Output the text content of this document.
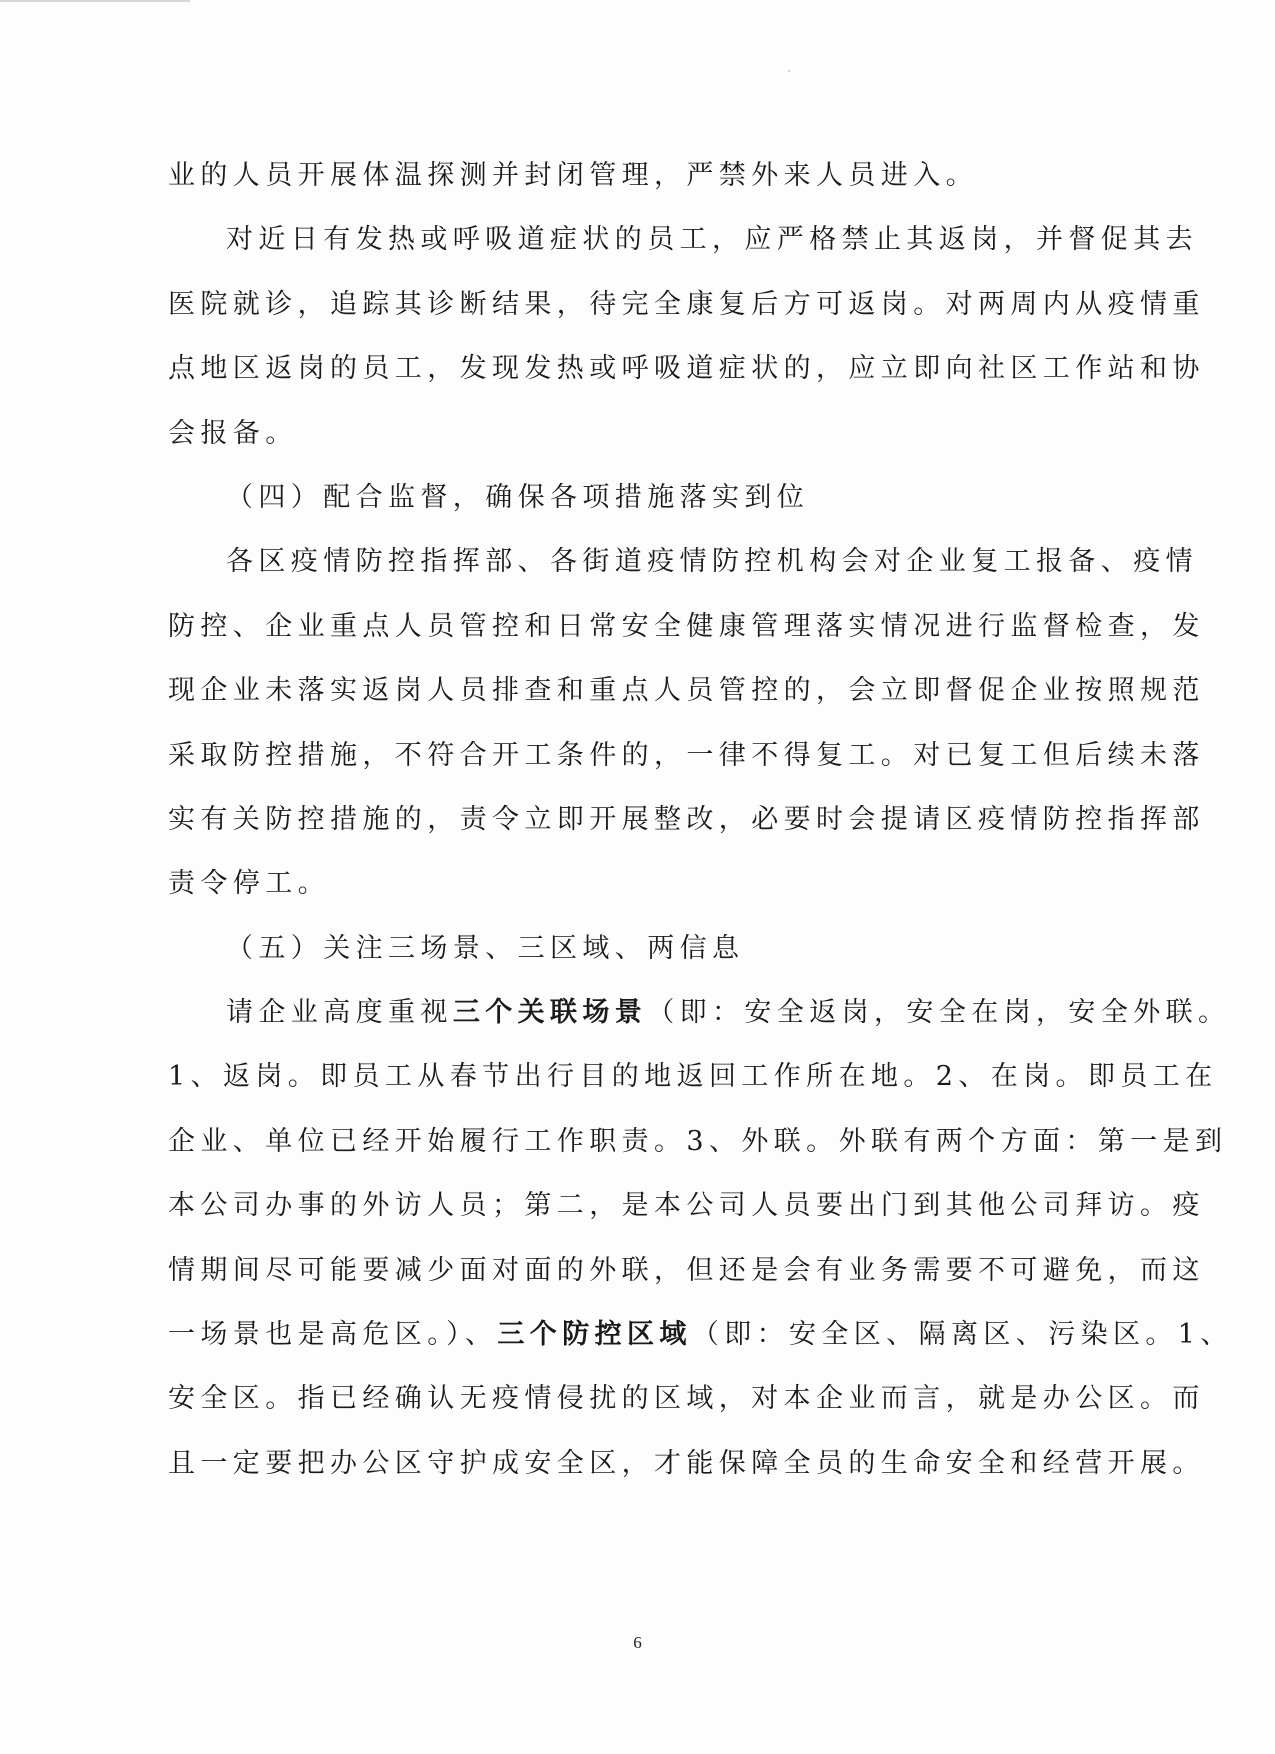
业的人员开展体温探测并封闭管理，严禁外来人员进入。
对近日有发热或呼吸道症状的员工，应严格禁止其返岗，并督促其去
医院就诊，追踪其诊断结果，待完全康复后方可返岗。对两周内从疫情重
点地区返岗的员工，发现发热或呼吸道症状的，应立即向社区工作站和协
会报备。
（四）配合监督，确保各项措施落实到位
各区疫情防控指挥部、各街道疫情防控机构会对企业复工报备、疫情
防控、企业重点人员管控和日常安全健康管理落实情况进行监督检查，发
现企业未落实返岗人员排查和重点人员管控的，会立即督促企业按照规范
采取防控措施，不符合开工条件的，一律不得复工。对已复工但后续未落
实有关防控措施的，责令立即开展整改，必要时会提请区疫情防控指挥部
责令停工。
（五）关注三场景、三区域、两信息
请企业高度重视三个关联场景（即：安全返岗，安全在岗，安全外联。
1、返岗。即员工从春节出行目的地返回工作所在地。2、在岗。即员工在
企业、单位已经开始履行工作职责。3、外联。外联有两个方面：第一是到
本公司办事的外访人员；第二，是本公司人员要出门到其他公司拜访。疫
情期间尽可能要减少面对面的外联，但还是会有业务需要不可避免，而这
一场景也是高危区。）、三个防控区域（即：安全区、隔离区、污染区。1、
安全区。指已经确认无疫情侵扰的区域，对本企业而言，就是办公区。而
且一定要把办公区守护成安全区，才能保障全员的生命安全和经营开展。
6
